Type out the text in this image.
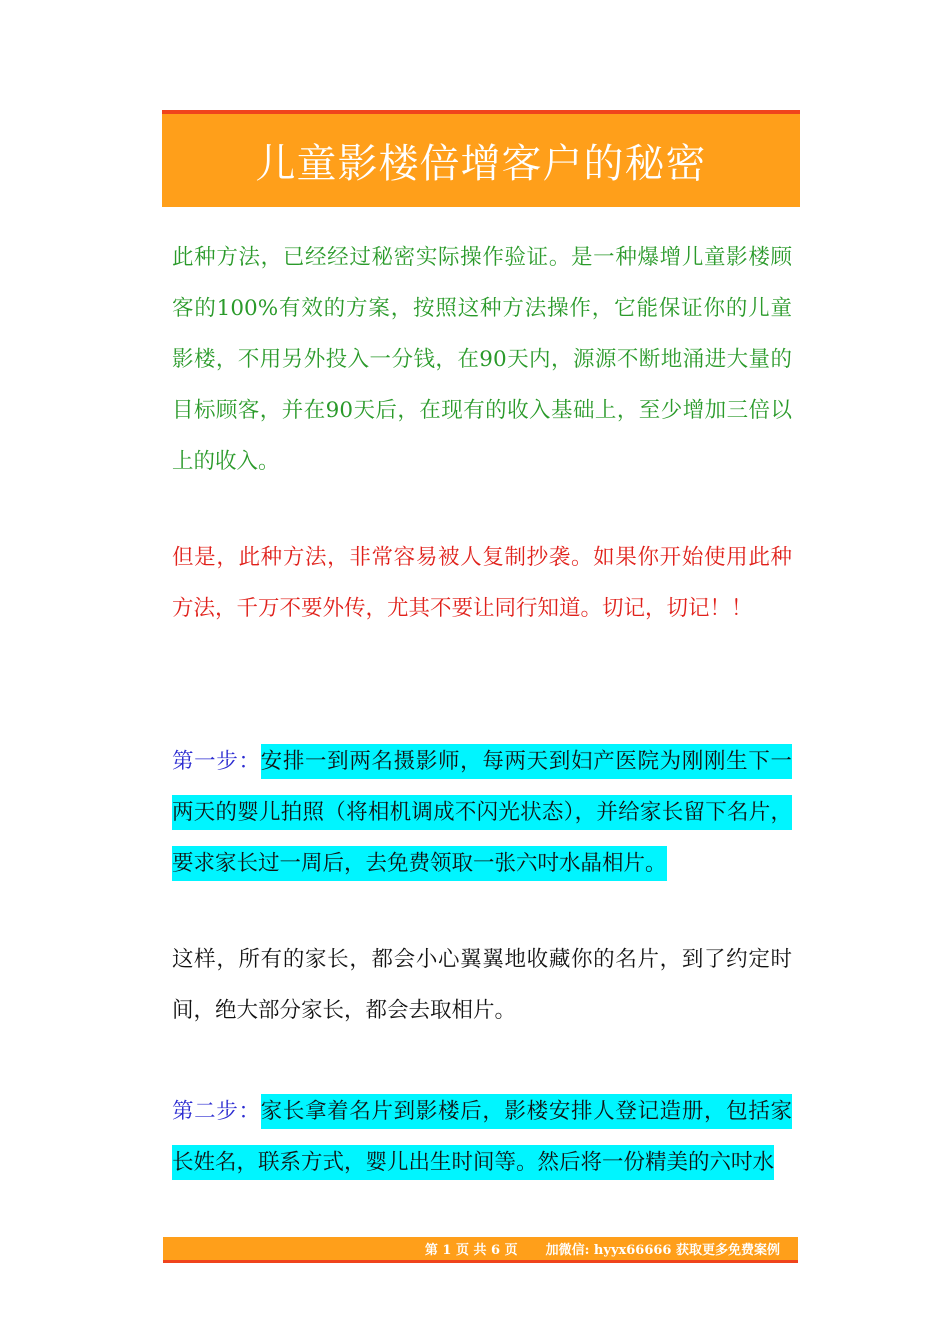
儿童影楼倍增客户的秘密

此种方法，已经经过秘密实际操作验证。是一种爆增儿童影楼顾客的100%有效的方案，按照这种方法操作，它能保证你的儿童影楼，不用另外投入一分钱，在90天内，源源不断地涌进大量的目标顾客，并在90天后，在现有的收入基础上，至少增加三倍以上的收入。

但是，此种方法，非常容易被人复制抄袭。如果你开始使用此种方法，千万不要外传，尤其不要让同行知道。切记，切记！！

第一步：安排一到两名摄影师，每两天到妇产医院为刚刚生下一两天的婴儿拍照（将相机调成不闪光状态），并给家长留下名片，要求家长过一周后，去免费领取一张六吋水晶相片。

这样，所有的家长，都会小心翼翼地收藏你的名片，到了约定时间，绝大部分家长，都会去取相片。

第二步：家长拿着名片到影楼后，影楼安排人登记造册，包括家长姓名，联系方式，婴儿出生时间等。然后将一份精美的六吋水

第 1 页 共 6 页 加微信: hyyx66666 获取更多免费案例
